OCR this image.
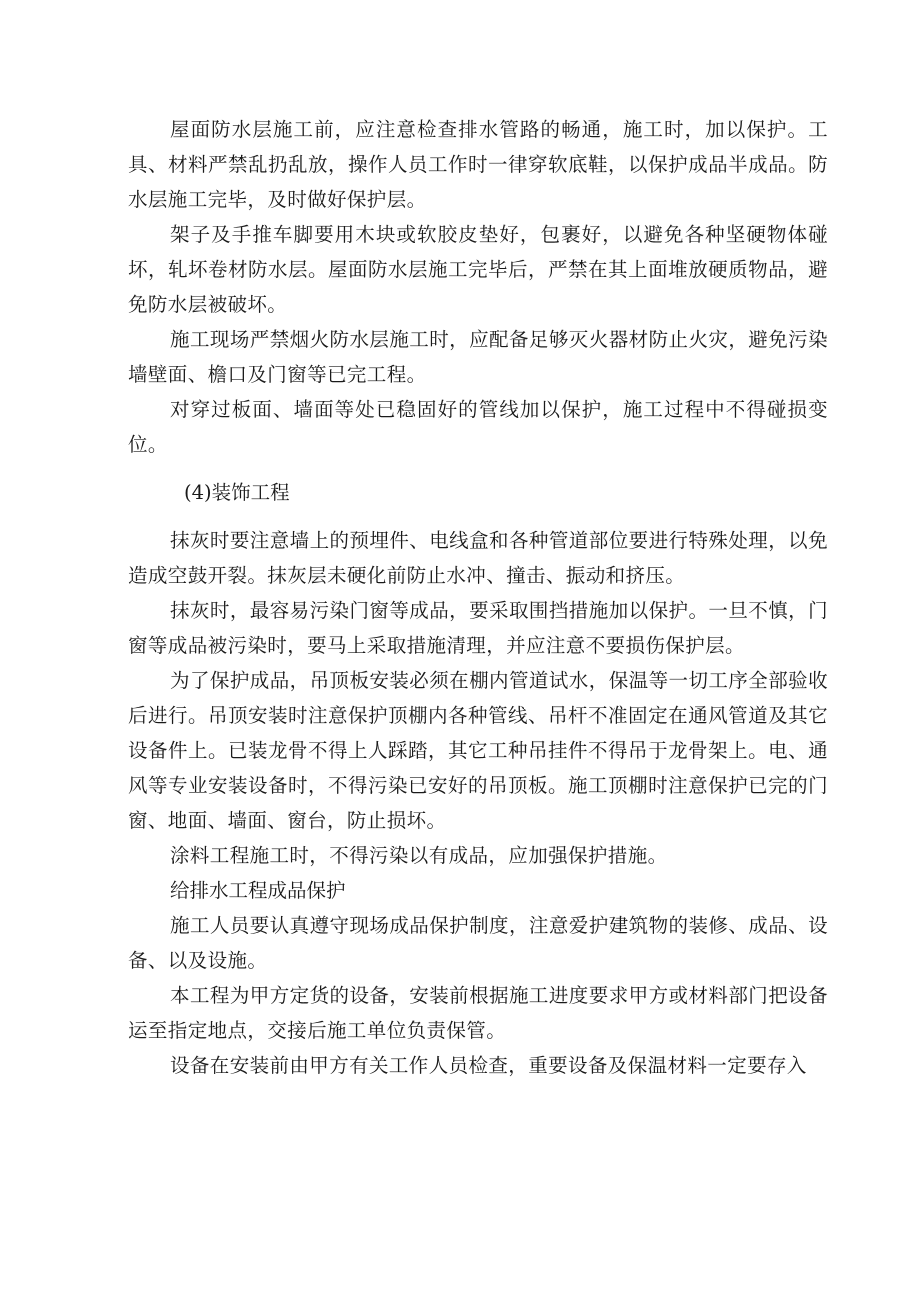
屋面防水层施工前，应注意检查排水管路的畅通，施工时，加以保护。工具、材料严禁乱扔乱放，操作人员工作时一律穿软底鞋，以保护成品半成品。防水层施工完毕，及时做好保护层。

架子及手推车脚要用木块或软胶皮垫好，包裹好，以避免各种坚硬物体碰坏，轧坏卷材防水层。屋面防水层施工完毕后，严禁在其上面堆放硬质物品，避免防水层被破坏。

施工现场严禁烟火防水层施工时，应配备足够灭火器材防止火灾，避免污染墙壁面、檐口及门窗等已完工程。

对穿过板面、墙面等处已稳固好的管线加以保护，施工过程中不得碰损变位。

(4)装饰工程

抹灰时要注意墙上的预埋件、电线盒和各种管道部位要进行特殊处理，以免造成空鼓开裂。抹灰层未硬化前防止水冲、撞击、振动和挤压。

抹灰时，最容易污染门窗等成品，要采取围挡措施加以保护。一旦不慎，门窗等成品被污染时，要马上采取措施清理，并应注意不要损伤保护层。

为了保护成品，吊顶板安装必须在棚内管道试水，保温等一切工序全部验收后进行。吊顶安装时注意保护顶棚内各种管线、吊杆不准固定在通风管道及其它设备件上。已装龙骨不得上人踩踏，其它工种吊挂件不得吊于龙骨架上。电、通风等专业安装设备时，不得污染已安好的吊顶板。施工顶棚时注意保护已完的门窗、地面、墙面、窗台，防止损坏。

涂料工程施工时，不得污染以有成品，应加强保护措施。

给排水工程成品保护

施工人员要认真遵守现场成品保护制度，注意爱护建筑物的装修、成品、设备、以及设施。

本工程为甲方定货的设备，安装前根据施工进度要求甲方或材料部门把设备运至指定地点，交接后施工单位负责保管。

设备在安装前由甲方有关工作人员检查，重要设备及保温材料一定要存入
